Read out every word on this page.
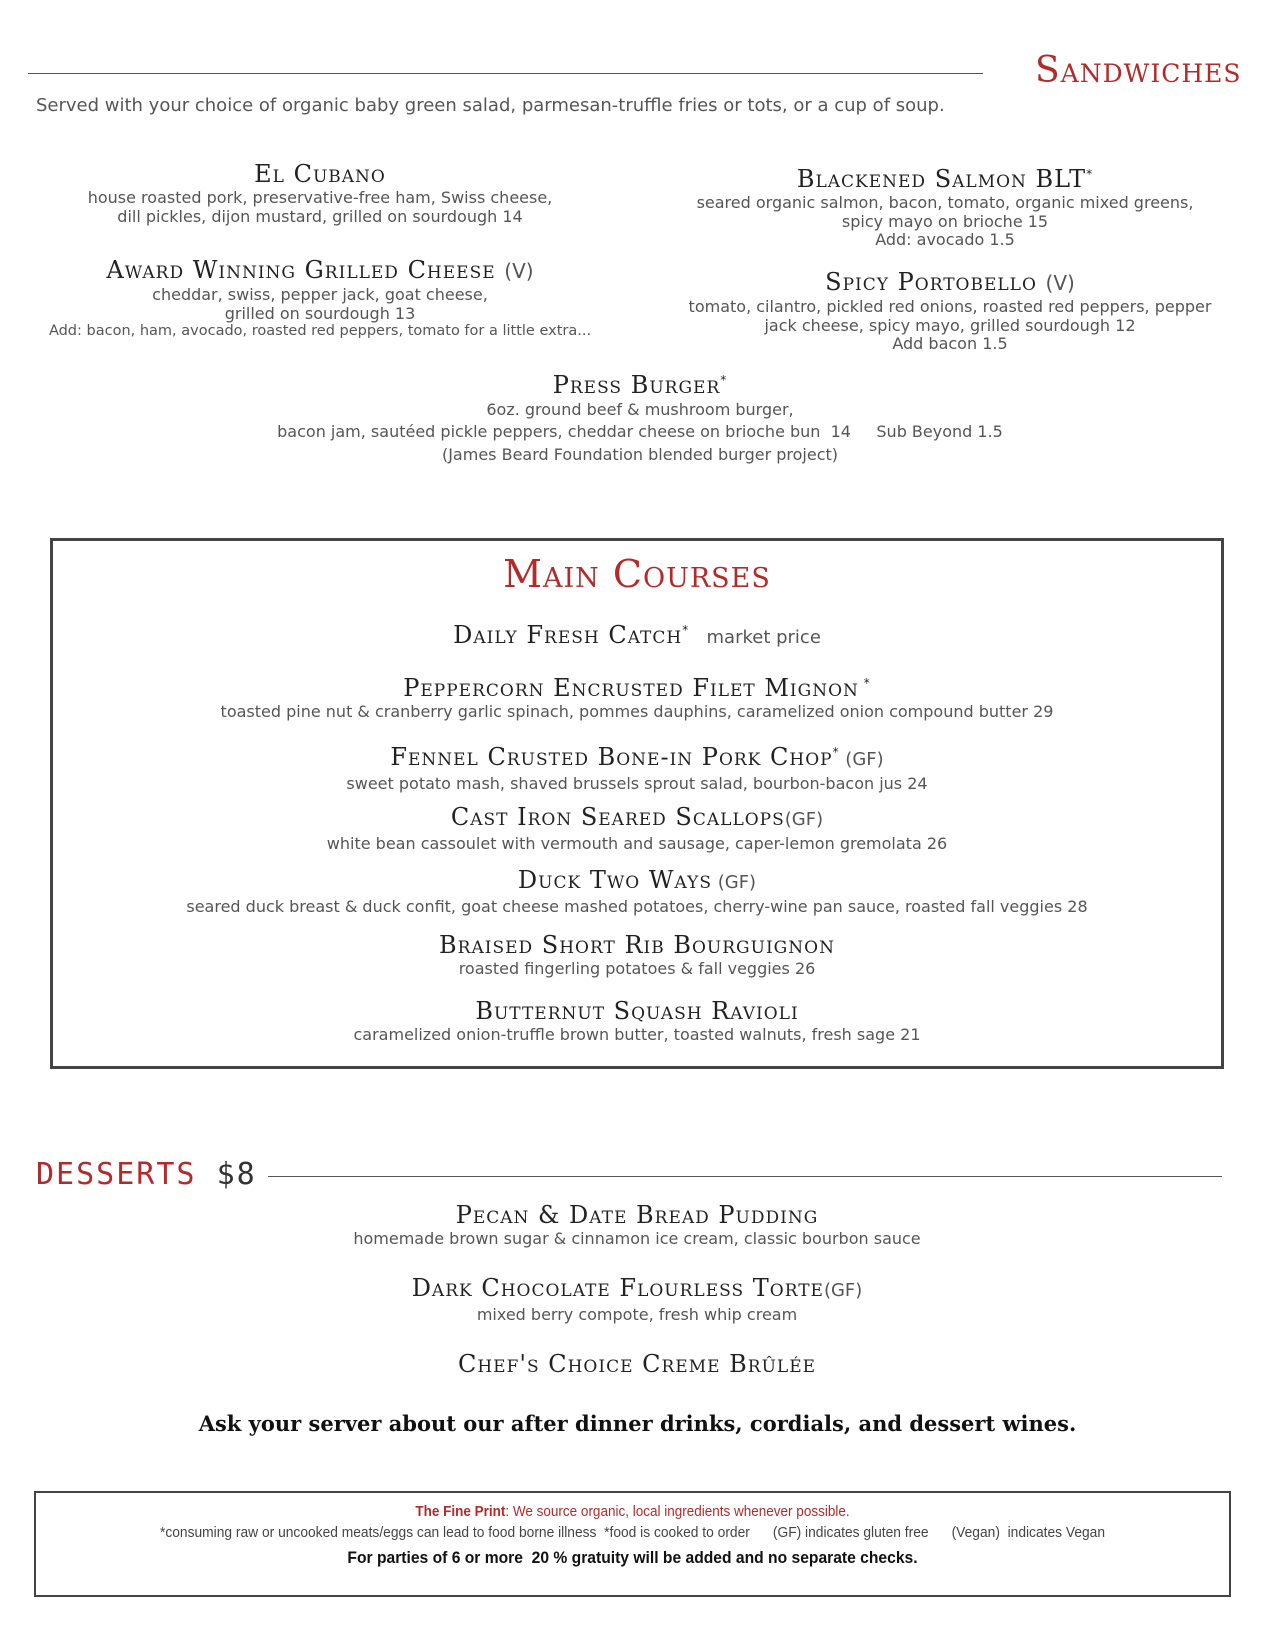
Sandwiches
Served with your choice of organic baby green salad, parmesan-truffle fries or tots, or a cup of soup.
El Cubano
house roasted pork, preservative-free ham, Swiss cheese,
dill pickles, dijon mustard, grilled on sourdough 14
Blackened Salmon BLT*
seared organic salmon, bacon, tomato, organic mixed greens,
spicy mayo on brioche 15
Add: avocado 1.5
Award Winning Grilled Cheese (V)
cheddar, swiss, pepper jack, goat cheese,
grilled on sourdough 13
Add: bacon, ham, avocado, roasted red peppers, tomato for a little extra...
Spicy Portobello (V)
tomato, cilantro, pickled red onions, roasted red peppers, pepper
jack cheese, spicy mayo, grilled sourdough 12
Add bacon 1.5
Press Burger*
6oz. ground beef & mushroom burger,
bacon jam, sautéed pickle peppers, cheddar cheese on brioche bun  14     Sub Beyond 1.5
(James Beard Foundation blended burger project)
Main Courses
Daily Fresh Catch* market price
Peppercorn Encrusted Filet Mignon *
toasted pine nut & cranberry garlic spinach, pommes dauphins, caramelized onion compound butter 29
Fennel Crusted Bone-in Pork Chop* (GF)
sweet potato mash, shaved brussels sprout salad, bourbon-bacon jus 24
Cast Iron Seared Scallops(GF)
white bean cassoulet with vermouth and sausage, caper-lemon gremolata 26
Duck Two Ways (GF)
seared duck breast & duck confit, goat cheese mashed potatoes, cherry-wine pan sauce, roasted fall veggies 28
Braised Short Rib Bourguignon
roasted fingerling potatoes & fall veggies 26
Butternut Squash Ravioli
caramelized onion-truffle brown butter, toasted walnuts, fresh sage 21
DESSERTS $8
Pecan & Date Bread Pudding
homemade brown sugar & cinnamon ice cream, classic bourbon sauce
Dark Chocolate Flourless Torte(GF)
mixed berry compote, fresh whip cream
Chef's Choice Creme Brûlée
Ask your server about our after dinner drinks, cordials, and dessert wines.
The Fine Print: We source organic, local ingredients whenever possible.
*consuming raw or uncooked meats/eggs can lead to food borne illness  *food is cooked to order      (GF) indicates gluten free      (Vegan)  indicates Vegan
For parties of 6 or more  20 % gratuity will be added and no separate checks.
